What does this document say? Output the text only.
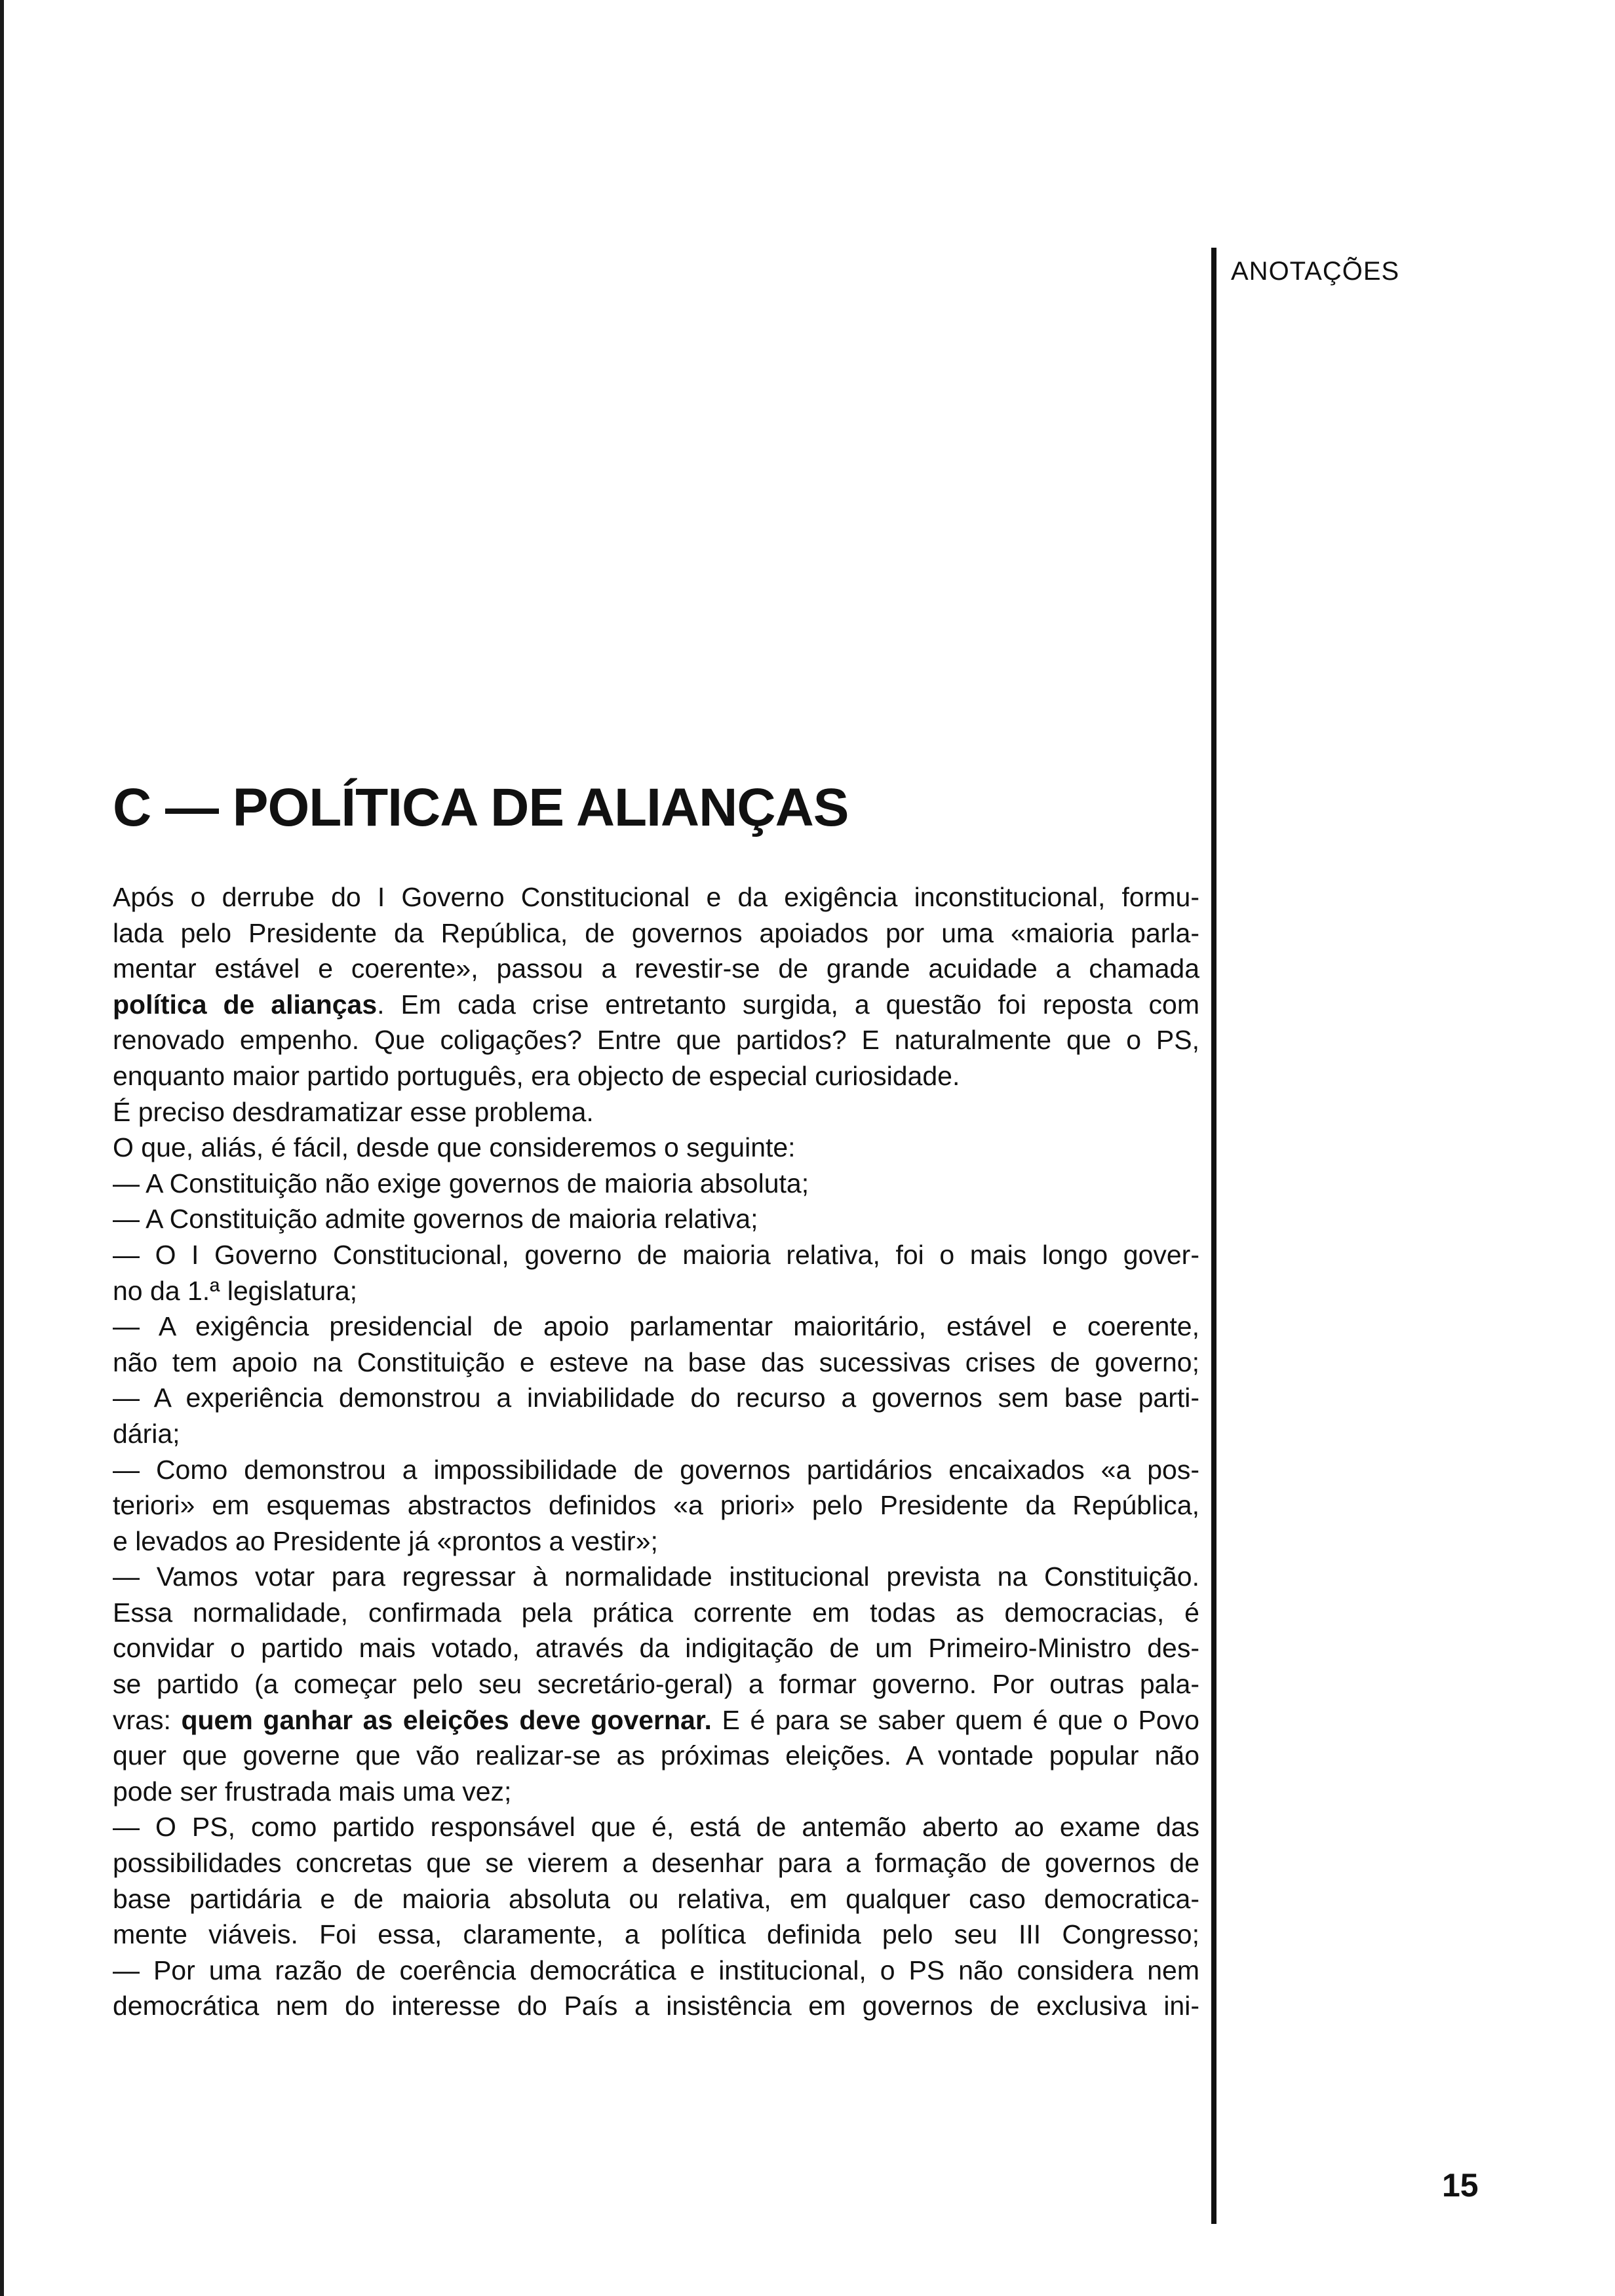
ANOTAÇÕES
C — POLÍTICA DE ALIANÇAS
Após o derrube do I Governo Constitucional e da exigência inconstitucional, formu-
lada pelo Presidente da República, de governos apoiados por uma «maioria parla-
mentar estável e coerente», passou a revestir-se de grande acuidade a chamada
política de alianças. Em cada crise entretanto surgida, a questão foi reposta com
renovado empenho. Que coligações? Entre que partidos? E naturalmente que o PS,
enquanto maior partido português, era objecto de especial curiosidade.
É preciso desdramatizar esse problema.
O que, aliás, é fácil, desde que consideremos o seguinte:
— A Constituição não exige governos de maioria absoluta;
— A Constituição admite governos de maioria relativa;
— O I Governo Constitucional, governo de maioria relativa, foi o mais longo gover-
no da 1.ª legislatura;
— A exigência presidencial de apoio parlamentar maioritário, estável e coerente,
não tem apoio na Constituição e esteve na base das sucessivas crises de governo;
— A experiência demonstrou a inviabilidade do recurso a governos sem base parti-
dária;
— Como demonstrou a impossibilidade de governos partidários encaixados «a pos-
teriori» em esquemas abstractos definidos «a priori» pelo Presidente da República,
e levados ao Presidente já «prontos a vestir»;
— Vamos votar para regressar à normalidade institucional prevista na Constituição.
Essa normalidade, confirmada pela prática corrente em todas as democracias, é
convidar o partido mais votado, através da indigitação de um Primeiro-Ministro des-
se partido (a começar pelo seu secretário-geral) a formar governo. Por outras pala-
vras: quem ganhar as eleições deve governar. E é para se saber quem é que o Povo
quer que governe que vão realizar-se as próximas eleições. A vontade popular não
pode ser frustrada mais uma vez;
— O PS, como partido responsável que é, está de antemão aberto ao exame das
possibilidades concretas que se vierem a desenhar para a formação de governos de
base partidária e de maioria absoluta ou relativa, em qualquer caso democratica-
mente viáveis. Foi essa, claramente, a política definida pelo seu III Congresso;
— Por uma razão de coerência democrática e institucional, o PS não considera nem
democrática nem do interesse do País a insistência em governos de exclusiva ini-
15
